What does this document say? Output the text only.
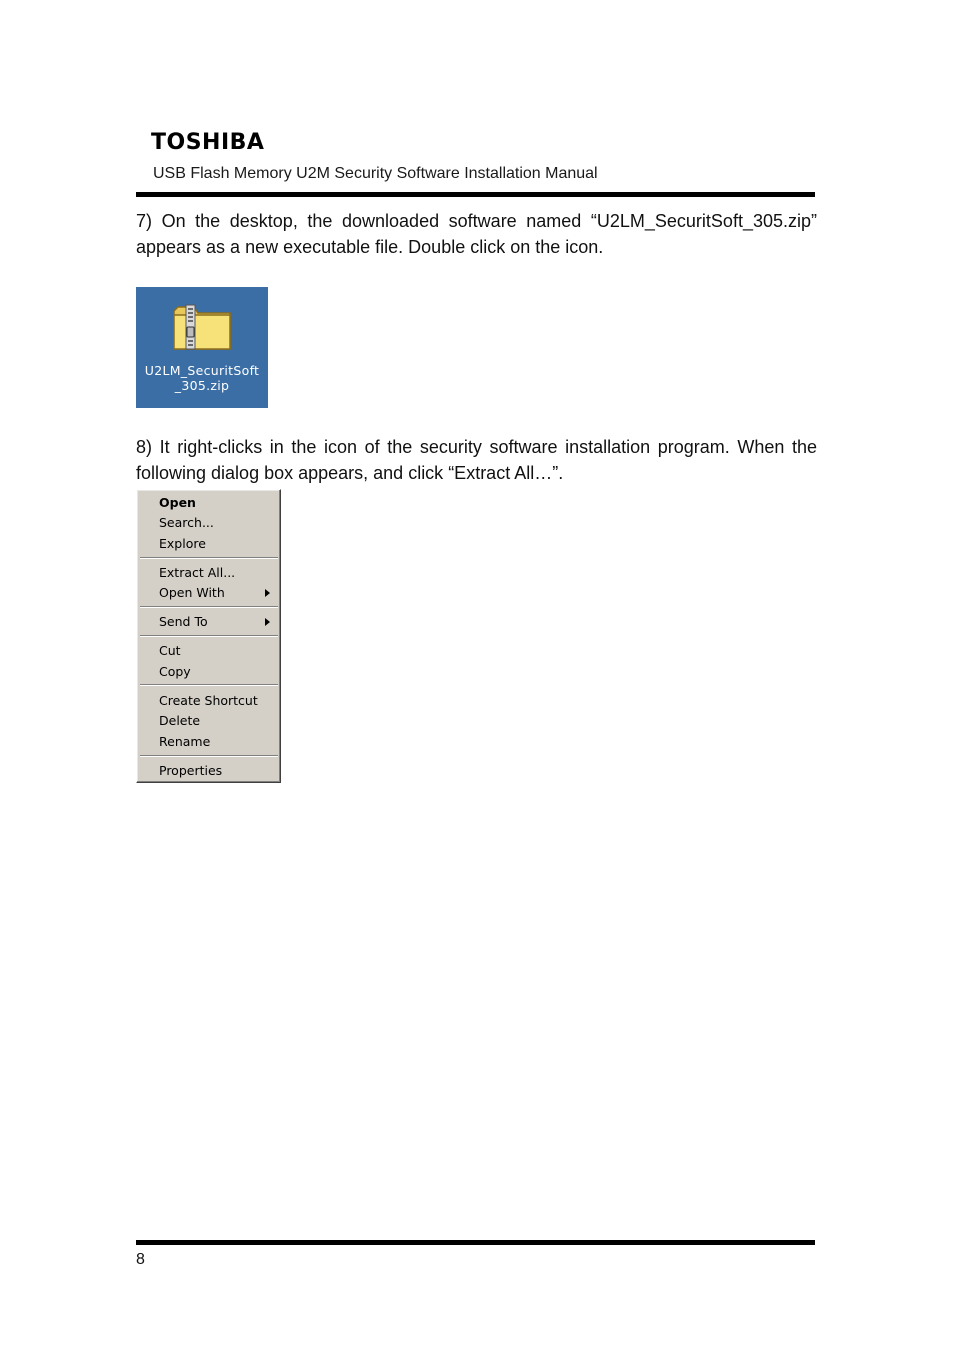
TOSHIBA
USB Flash Memory U2M Security Software Installation Manual
7) On the desktop, the downloaded software named “U2LM_SecuritSoft_305.zip” appears as a new executable file. Double click on the icon.
U2LM_SecuritSoft
_305.zip
8) It right-clicks in the icon of the security software installation program. When the following dialog box appears, and click “Extract All…”.
Open
Search...
Explore
Extract All...
Open With
Send To
Cut
Copy
Create Shortcut
Delete
Rename
Properties
8
